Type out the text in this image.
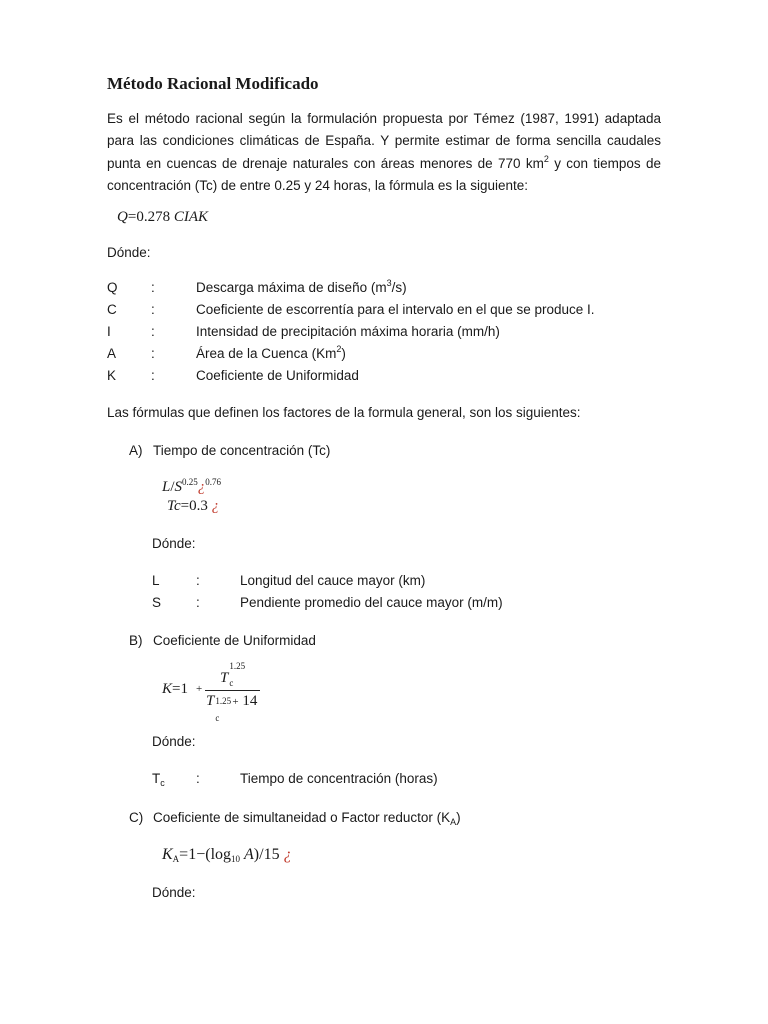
Método Racional Modificado
Es el método racional según la formulación propuesta por Témez (1987, 1991) adaptada para las condiciones climáticas de España. Y permite estimar de forma sencilla caudales punta en cuencas de drenaje naturales con áreas menores de 770 $km^2$ y con tiempos de concentración (Tc) de entre 0.25 y 24 horas, la fórmula es la siguiente:
Q=0.278 CIAK
Dónde:
Q :	Descarga máxima de diseño $(m^3/s)$
C	:	Coeficiente de escorrentía para el intervalo en el que se produce I.
I	:	Intensidad de precipitación máxima horaria (mm/h)
A	:	Área de la Cuenca (Km$^2$)
K	:	Coeficiente de Uniformidad
Las fórmulas que definen los factores de la formula general, son los siguientes:
A) Tiempo de concentración (Tc)
$L/S^{0.25}¿^{0.76}$
Tc=0.3 ¿
Dónde:
L	:	Longitud del cauce mayor (km)
S	:	Pendiente promedio del cauce mayor (m/m)
B) Coeficiente de Uniformidad
K=1 +
T
1.25
c
T 1.25
c
+ 14
Dónde:
$T_c$ :	Tiempo de concentración (horas)
C) Coeficiente de simultaneidad o Factor reductor $(K_A)$
$K_A=1-(\log_{10}$ A)/15 ¿
Dónde:
